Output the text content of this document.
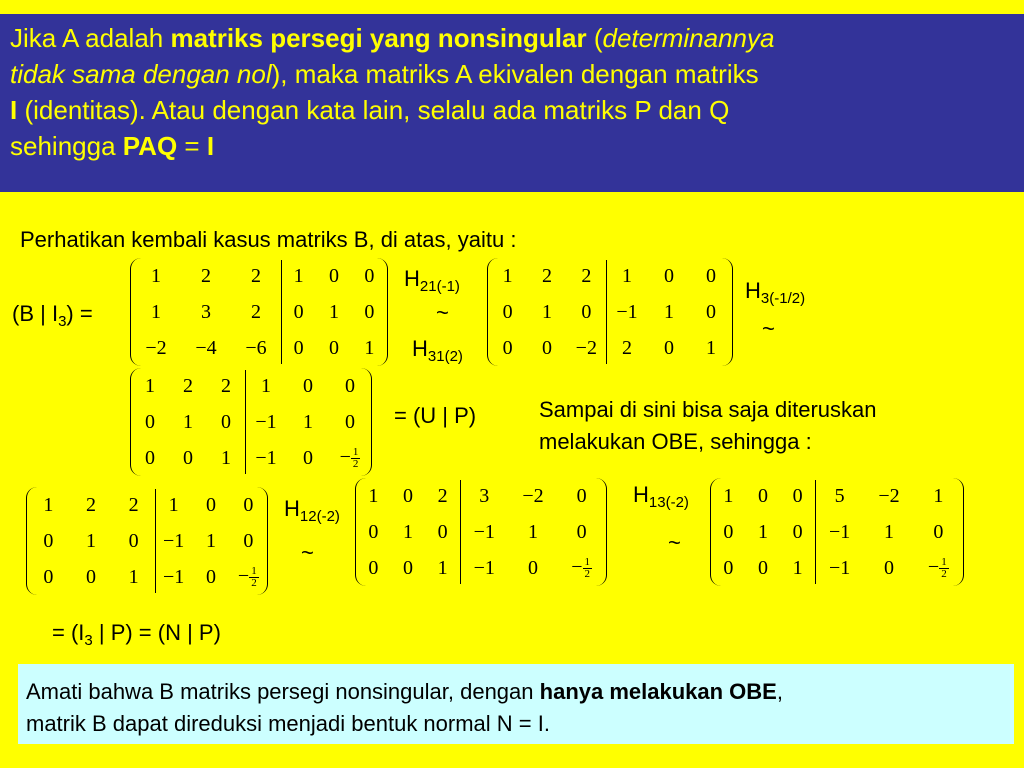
Jika A adalah matriks persegi yang nonsingular (determinannya

tidak sama dengan nol), maka matriks A ekivalen dengan matriks

I (identitas). Atau dengan kata lain, selalu ada matriks P dan Q

sehingga PAQ = I

Perhatikan kembali kasus matriks B, di atas, yaitu :
(B | $I_3$) =
1	2	2	1	0	0
1	3	2	0	1	0
−2	−4	−6	0	0	1
$H_{21(-1)}$
~
$H_{31(2)}$
1	2	2	1	0	0
0	1	0	−1	1	0
0	0	−2	2	0	1
$H_{3(-1/2)}$
~
1	2	2	1	0	0
0	1	0	−1	1	0
0	0	1	−1	0	− $\frac{1}{2}$
= (U | P)	Sampai di sini bisa saja diteruskan
melakukan OBE, sehingga :
1	2	2	1	0	0
0	1	0	−1	1	0
0	0	1	−1	0	− $\frac{1}{2}$
$H_{12(-2)}$
~
1	0	2	3	−2	0
0	1	0	−1	1	0
0	0	1	−1	0	− $\frac{1}{2}$
$H_{13(-2)}$
~
1	0	0	5	−2	1
0	1	0	−1	1	0
0	0	1	−1	0	− $\frac{1}{2}$
= ($I_3$ | P) = (N | P)

Amati bahwa B matriks persegi nonsingular, dengan hanya melakukan OBE,

matrik B dapat direduksi menjadi bentuk normal N = I.
